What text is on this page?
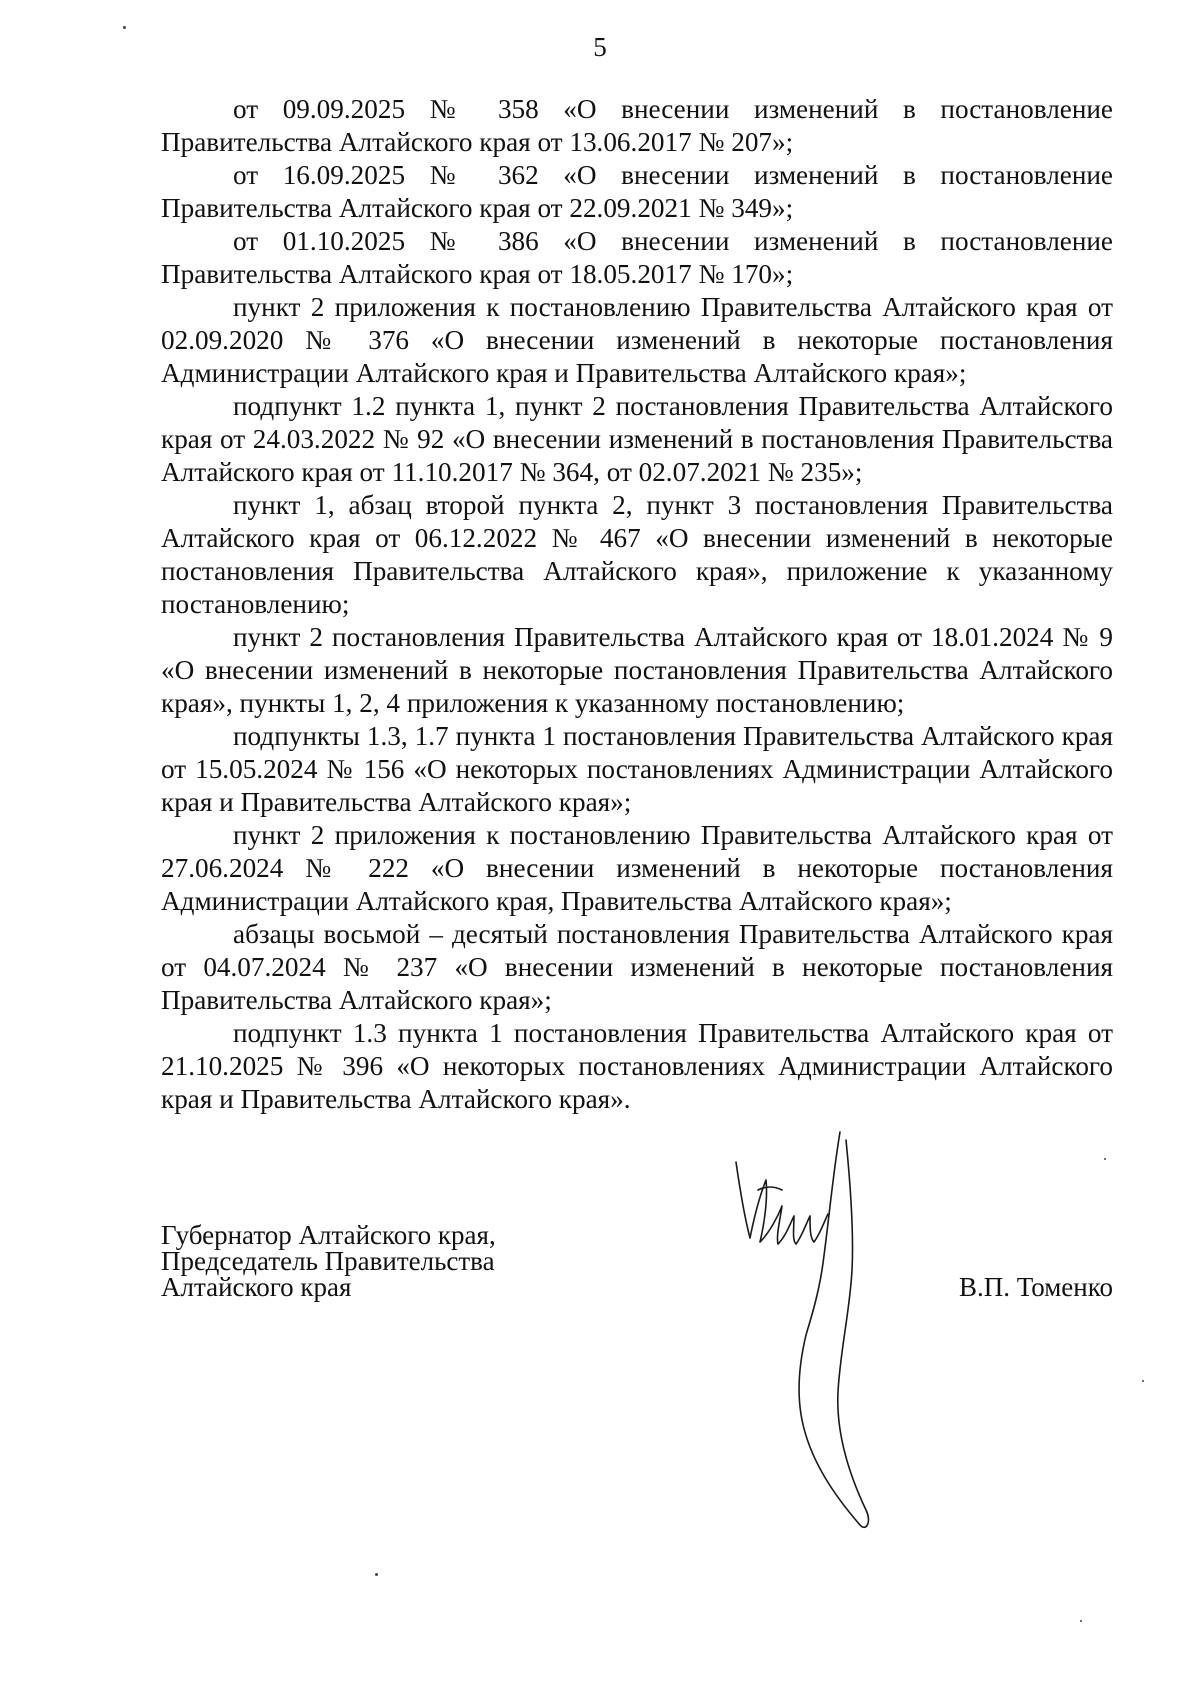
5

от 09.09.2025 № 358 «О внесении изменений в постановление Правительства Алтайского края от 13.06.2017 № 207»;

от 16.09.2025 № 362 «О внесении изменений в постановление Правительства Алтайского края от 22.09.2021 № 349»;

от 01.10.2025 № 386 «О внесении изменений в постановление Правительства Алтайского края от 18.05.2017 № 170»;

пункт 2 приложения к постановлению Правительства Алтайского края от 02.09.2020 № 376 «О внесении изменений в некоторые постановления Администрации Алтайского края и Правительства Алтайского края»;

подпункт 1.2 пункта 1, пункт 2 постановления Правительства Алтайского края от 24.03.2022 № 92 «О внесении изменений в постановления Правительства Алтайского края от 11.10.2017 № 364, от 02.07.2021 № 235»;

пункт 1, абзац второй пункта 2, пункт 3 постановления Правительства Алтайского края от 06.12.2022 № 467 «О внесении изменений в некоторые постановления Правительства Алтайского края», приложение к указанному постановлению;

пункт 2 постановления Правительства Алтайского края от 18.01.2024 № 9 «О внесении изменений в некоторые постановления Правительства Алтайского края», пункты 1, 2, 4 приложения к указанному постановлению;

подпункты 1.3, 1.7 пункта 1 постановления Правительства Алтайского края от 15.05.2024 № 156 «О некоторых постановлениях Администрации Алтайского края и Правительства Алтайского края»;

пункт 2 приложения к постановлению Правительства Алтайского края от 27.06.2024 № 222 «О внесении изменений в некоторые постановления Администрации Алтайского края, Правительства Алтайского края»;

абзацы восьмой – десятый постановления Правительства Алтайского края от 04.07.2024 № 237 «О внесении изменений в некоторые постановления Правительства Алтайского края»;

подпункт 1.3 пункта 1 постановления Правительства Алтайского края от 21.10.2025 № 396 «О некоторых постановлениях Администрации Алтайского края и Правительства Алтайского края».

Губернатор Алтайского края,
Председатель Правительства
Алтайского края	В.П. Томенко
